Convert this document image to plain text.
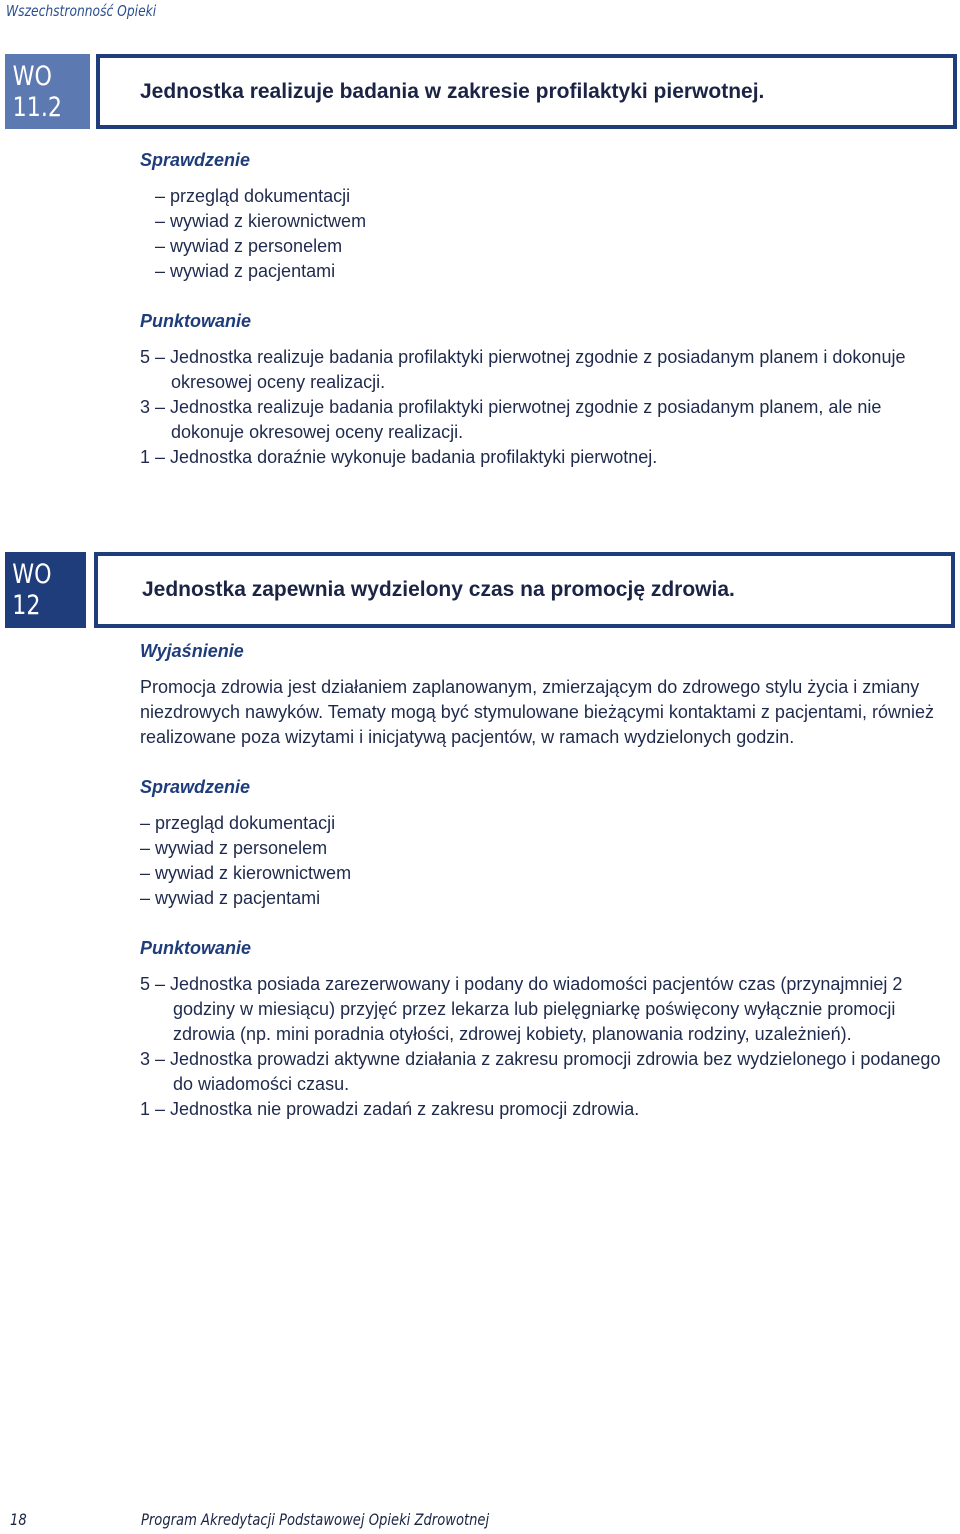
Wszechstronność Opieki
WO 11.2
Jednostka realizuje badania w zakresie profilaktyki pierwotnej.
Sprawdzenie
– przegląd dokumentacji
– wywiad z kierownictwem
– wywiad z personelem
– wywiad z pacjentami
Punktowanie

5 – Jednostka realizuje badania profilaktyki pierwotnej zgodnie z posiadanym planem i dokonuje okresowej oceny realizacji.

3 – Jednostka realizuje badania profilaktyki pierwotnej zgodnie z posiadanym planem, ale nie dokonuje okresowej oceny realizacji.

1 – Jednostka doraźnie wykonuje badania profilaktyki pierwotnej.

WO 12
Jednostka zapewnia wydzielony czas na promocję zdrowia.
Wyjaśnienie

Promocja zdrowia jest działaniem zaplanowanym, zmierzającym do zdrowego stylu życia i zmiany niezdrowych nawyków. Tematy mogą być stymulowane bieżącymi kontaktami z pacjentami, również realizowane poza wizytami i inicjatywą pacjentów, w ramach wydzielonych godzin.

Sprawdzenie
– przegląd dokumentacji
– wywiad z personelem
– wywiad z kierownictwem
– wywiad z pacjentami
Punktowanie

5 – Jednostka posiada zarezerwowany i podany do wiadomości pacjentów czas (przynajmniej 2 godziny w miesiącu) przyjęć przez lekarza lub pielęgniarkę poświęcony wyłącznie promocji zdrowia (np. mini poradnia otyłości, zdrowej kobiety, planowania rodziny, uzależnień).

3 – Jednostka prowadzi aktywne działania z zakresu promocji zdrowia bez wydzielonego i podanego do wiadomości czasu.

1 – Jednostka nie prowadzi zadań z zakresu promocji zdrowia.

18	Program Akredytacji Podstawowej Opieki Zdrowotnej
